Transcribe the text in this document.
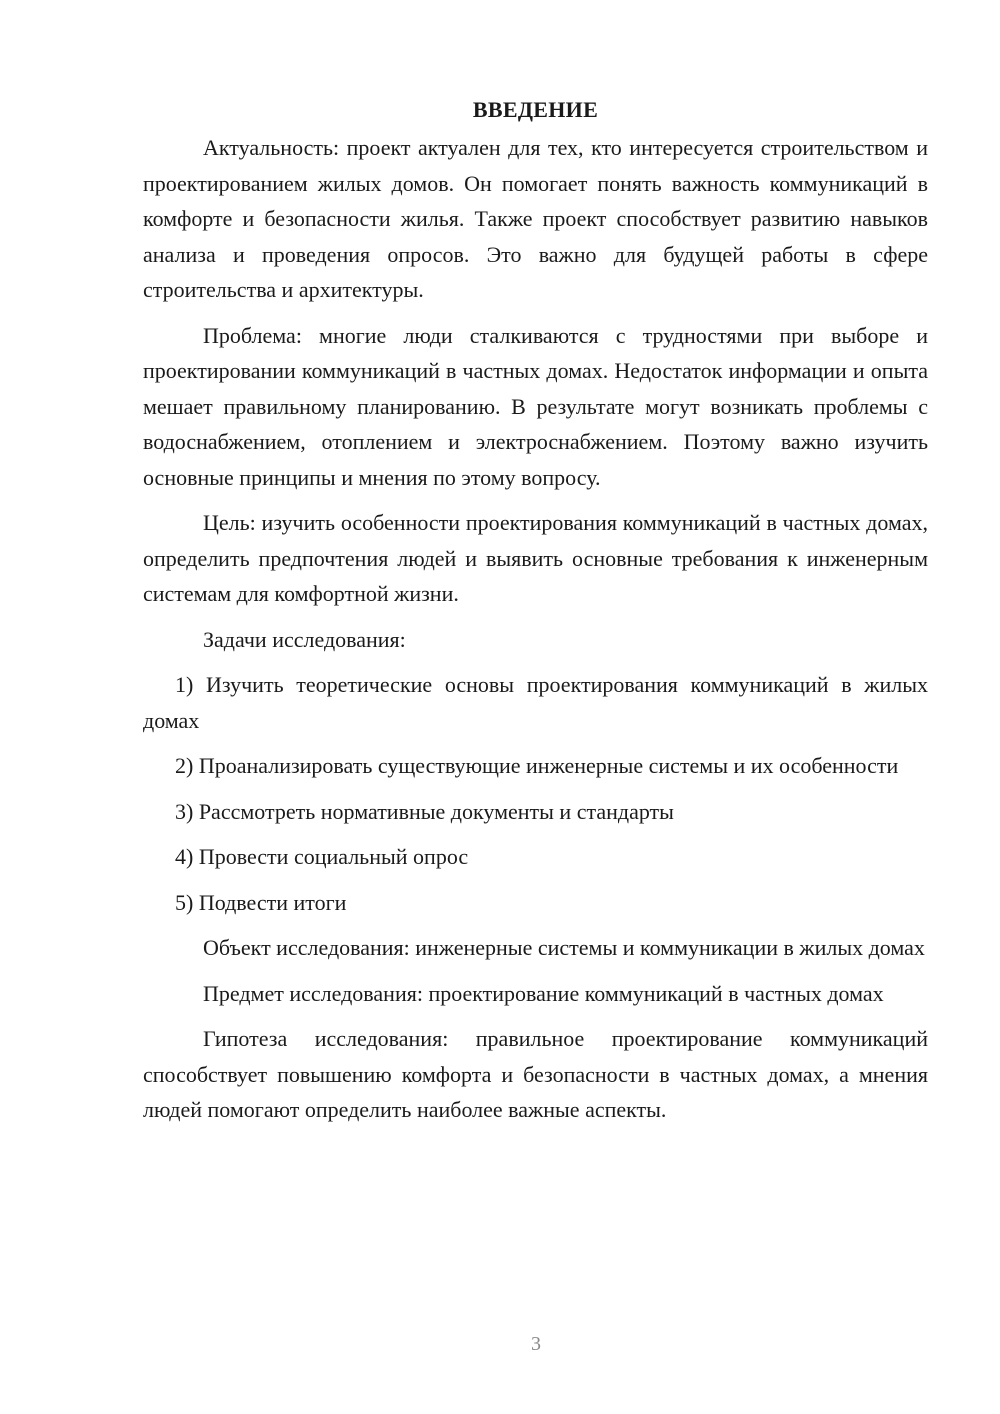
ВВЕДЕНИЕ

Актуальность: проект актуален для тех, кто интересуется строительством и проектированием жилых домов. Он помогает понять важность коммуникаций в комфорте и безопасности жилья. Также проект способствует развитию навыков анализа и проведения опросов. Это важно для будущей работы в сфере строительства и архитектуры.

Проблема: многие люди сталкиваются с трудностями при выборе и проектировании коммуникаций в частных домах. Недостаток информации и опыта мешает правильному планированию. В результате могут возникать проблемы с водоснабжением, отоплением и электроснабжением. Поэтому важно изучить основные принципы и мнения по этому вопросу.

Цель: изучить особенности проектирования коммуникаций в частных домах, определить предпочтения людей и выявить основные требования к инженерным системам для комфортной жизни.

Задачи исследования:

1) Изучить теоретические основы проектирования коммуникаций в жилых домах

2) Проанализировать существующие инженерные системы и их особенности

3) Рассмотреть нормативные документы и стандарты

4) Провести социальный опрос

5) Подвести итоги

Объект исследования: инженерные системы и коммуникации в жилых домах

Предмет исследования: проектирование коммуникаций в частных домах

Гипотеза исследования: правильное проектирование коммуникаций способствует повышению комфорта и безопасности в частных домах, а мнения людей помогают определить наиболее важные аспекты.

3
